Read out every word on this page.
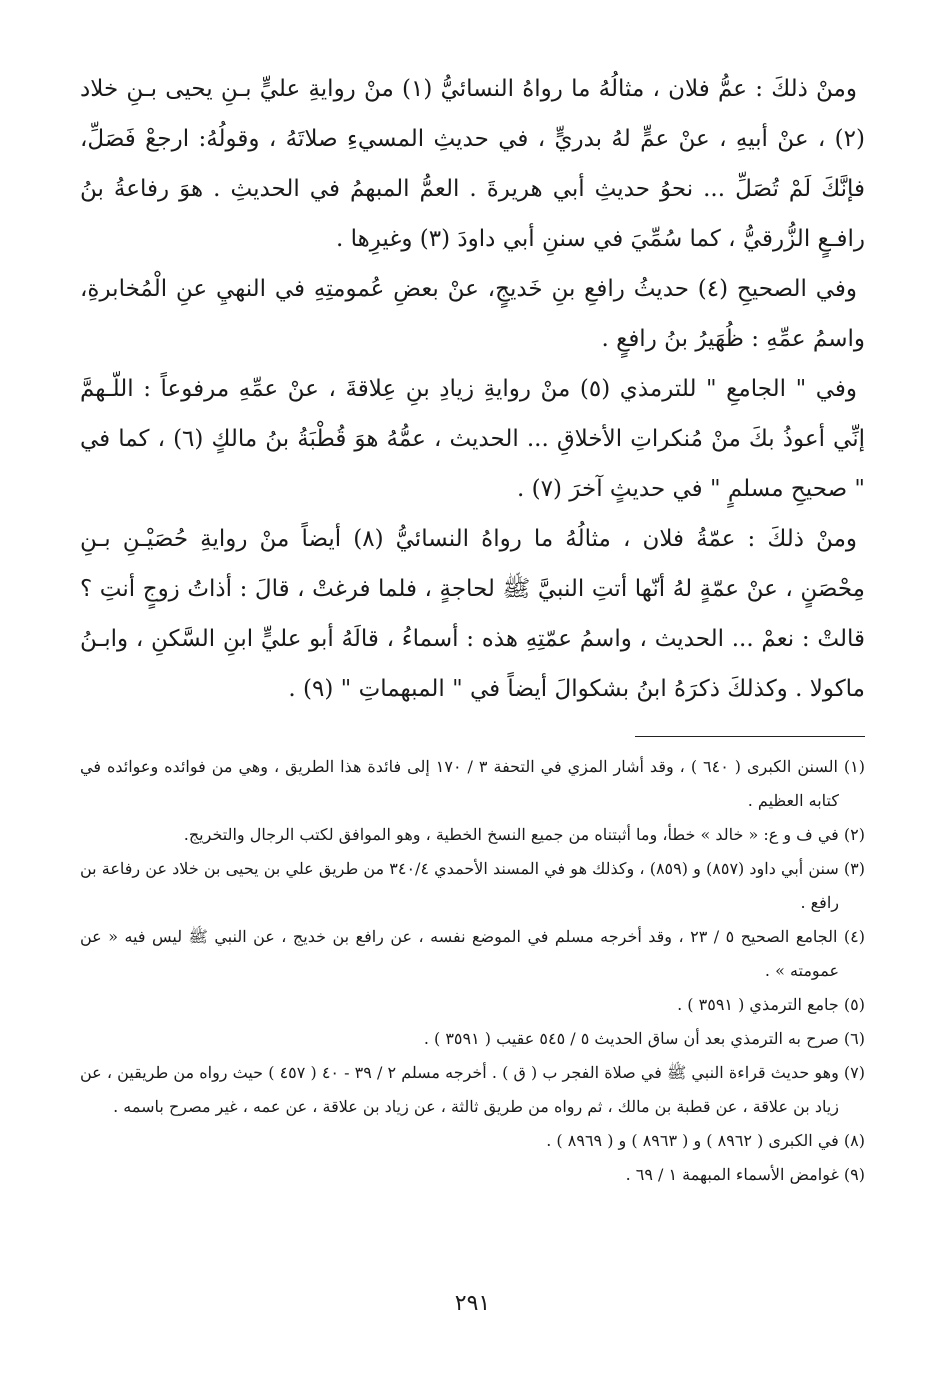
ومنْ ذلكَ : عمُّ فلان ، مثالُهُ ما رواهُ النسائيُّ (١) منْ روايةِ عليٍّ بـنِ يحيى بـنِ خلاد (٢) ، عنْ أبيهِ ، عنْ عمٍّ لهُ بدريٍّ ، في حديثِ المسيءِ صلاتَهُ ، وقولُهُ: ارجعْ فَصَلِّ، فإنَّكَ لَمْ تُصَلِّ ... نحوُ حديثِ أبي هريرةَ . العمُّ المبهمُ في الحديثِ . هوَ رفاعةُ بنُ رافـعٍ الزُّرقيُّ ، كما سُمِّيَ في سننِ أبي داودَ (٣) وغيرِها .

وفي الصحيحِ (٤) حديثُ رافعِ بنِ خَديجٍ، عنْ بعضِ عُمومتِهِ في النهيِ عنِ الْمُخابرةِ، واسمُ عمِّهِ : ظُهَيرُ بنُ رافعٍ .

وفي " الجامعِ " للترمذي (٥) منْ روايةِ زيادِ بنِ عِلاقةَ ، عنْ عمِّهِ مرفوعاً : اللّـهمَّ إنِّي أعوذُ بكَ منْ مُنكراتِ الأخلاقِ ... الحديث ، عمُّهُ هوَ قُطْبَةُ بنُ مالكٍ (٦) ، كما في " صحيحِ مسلمٍ " في حديثٍ آخرَ (٧) .

ومنْ ذلكَ : عمّةُ فلان ، مثالُهُ ما رواهُ النسائيُّ (٨) أيضاً منْ روايةِ حُصَيْـنِ بـنِ مِحْصَنٍ ، عنْ عمّةٍ لهُ أنّها أتتِ النبيَّ ﷺ لحاجةٍ ، فلما فرغتْ ، قالَ : أذاتُ زوجٍ أنتِ ؟ قالتْ : نعمْ ... الحديث ، واسمُ عمّتِهِ هذه : أسماءُ ، قالَهُ أبو عليٍّ ابنِ السَّكنِ ، وابـنُ ماكولا . وكذلكَ ذكرَهُ ابنُ بشكوالَ أيضاً في " المبهماتِ " (٩) .

(١) السنن الكبرى ( ٦٤٠ ) ، وقد أشار المزي في التحفة ٣ / ١٧٠ إلى فائدة هذا الطريق ، وهي من فوائده وعوائده في كتابه العظيم .

(٢) في ف و ع: « خالد » خطأ، وما أثبتناه من جميع النسخ الخطية ، وهو الموافق لكتب الرجال والتخريج.

(٣) سنن أبي داود (٨٥٧) و (٨٥٩) ، وكذلك هو في المسند الأحمدي ٣٤٠/٤ من طريق علي بن يحيى بن خلاد عن رفاعة بن رافع .

(٤) الجامع الصحيح ٥ / ٢٣ ، وقد أخرجه مسلم في الموضع نفسه ، عن رافع بن خديج ، عن النبي ﷺ ليس فيه « عن عمومته » .

(٥) جامع الترمذي ( ٣٥٩١ ) .

(٦) صرح به الترمذي بعد أن ساق الحديث ٥ / ٥٤٥ عقيب ( ٣٥٩١ ) .

(٧) وهو حديث قراءة النبي ﷺ في صلاة الفجر ب ( ق ) . أخرجه مسلم ٢ / ٣٩ - ٤٠ ( ٤٥٧ ) حيث رواه من طريقين ، عن زياد بن علاقة ، عن قطبة بن مالك ، ثم رواه من طريق ثالثة ، عن زياد بن علاقة ، عن عمه ، غير مصرح باسمه .

(٨) في الكبرى ( ٨٩٦٢ ) و ( ٨٩٦٣ ) و ( ٨٩٦٩ ) .

(٩) غوامض الأسماء المبهمة ١ / ٦٩ .

٢٩١
